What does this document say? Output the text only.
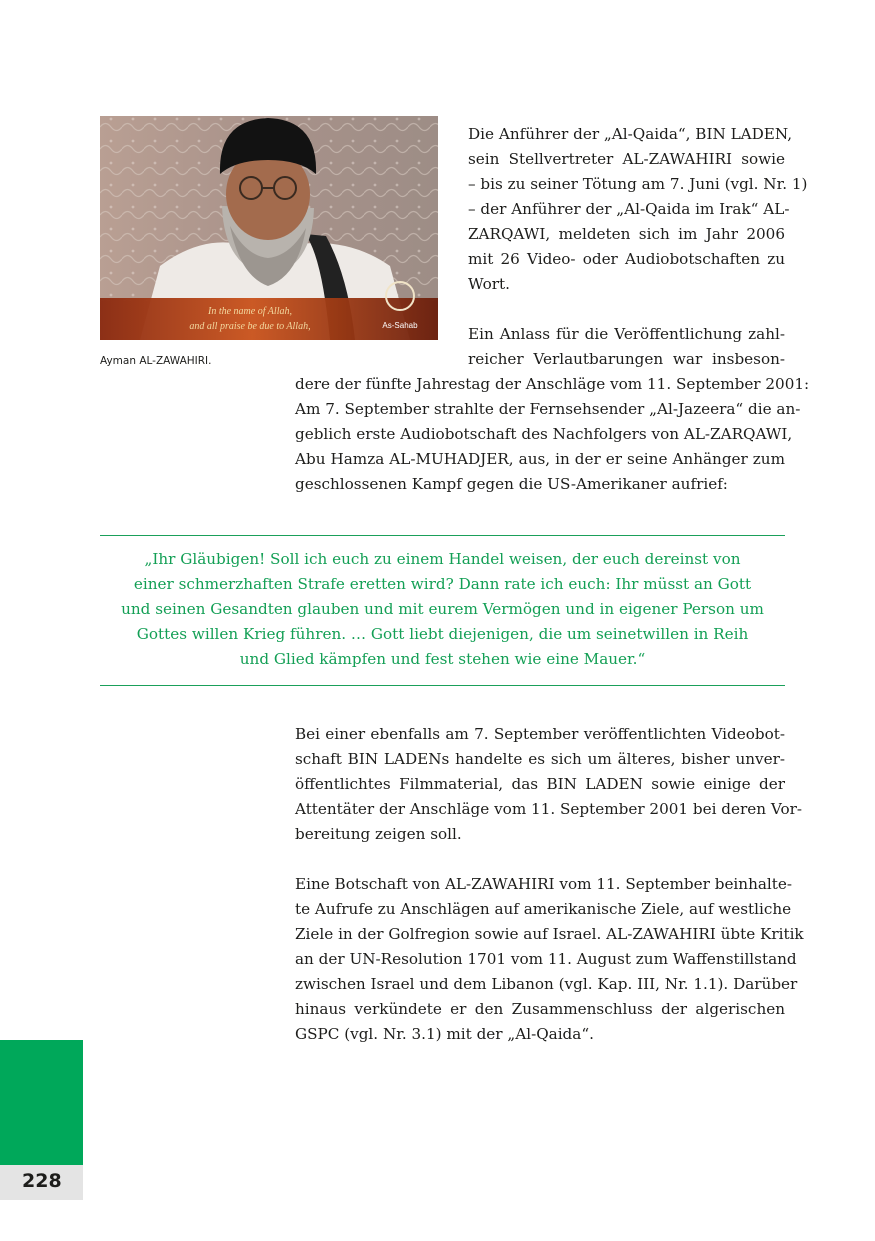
In the name of Allah,
and all praise be due to Allah,	As-Sahab
Ayman AL-ZAWAHIRI.
Die Anführer der „Al-Qaida“, BIN LADEN,
sein Stellvertreter AL-ZAWAHIRI sowie
– bis zu seiner Tötung am 7. Juni (vgl. Nr. 1)
– der Anführer der „Al-Qaida im Irak“ AL-
ZARQAWI, meldeten sich im Jahr 2006
mit 26 Video- oder Audiobotschaften zu
Wort.
Ein Anlass für die Veröffentlichung zahl-
reicher Verlautbarungen war insbeson-
dere der fünfte Jahrestag der Anschläge vom 11. September 2001:
Am 7. September strahlte der Fernsehsender „Al-Jazeera“ die an-
geblich erste Audiobotschaft des Nachfolgers von AL-ZARQAWI,
Abu Hamza AL-MUHADJER, aus, in der er seine Anhänger zum
geschlossenen Kampf gegen die US-Amerikaner aufrief:
„Ihr Gläubigen! Soll ich euch zu einem Handel weisen, der euch dereinst von
einer schmerzhaften Strafe eretten wird? Dann rate ich euch: Ihr müsst an Gott
und seinen Gesandten glauben und mit eurem Vermögen und in eigener Person um
Gottes willen Krieg führen. … Gott liebt diejenigen, die um seinetwillen in Reih
und Glied kämpfen und fest stehen wie eine Mauer.“
Bei einer ebenfalls am 7. September veröffentlichten Videobot-
schaft BIN LADENs handelte es sich um älteres, bisher unver-
öffentlichtes Filmmaterial, das BIN LADEN sowie einige der
Attentäter der Anschläge vom 11. September 2001 bei deren Vor-
bereitung zeigen soll.
Eine Botschaft von AL-ZAWAHIRI vom 11. September beinhalte-
te Aufrufe zu Anschlägen auf amerikanische Ziele, auf westliche
Ziele in der Golfregion sowie auf Israel. AL-ZAWAHIRI übte Kritik
an der UN-Resolution 1701 vom 11. August zum Waffenstillstand
zwischen Israel und dem Libanon (vgl. Kap. III, Nr. 1.1). Darüber
hinaus verkündete er den Zusammenschluss der algerischen
GSPC (vgl. Nr. 3.1) mit der „Al-Qaida“.
228
